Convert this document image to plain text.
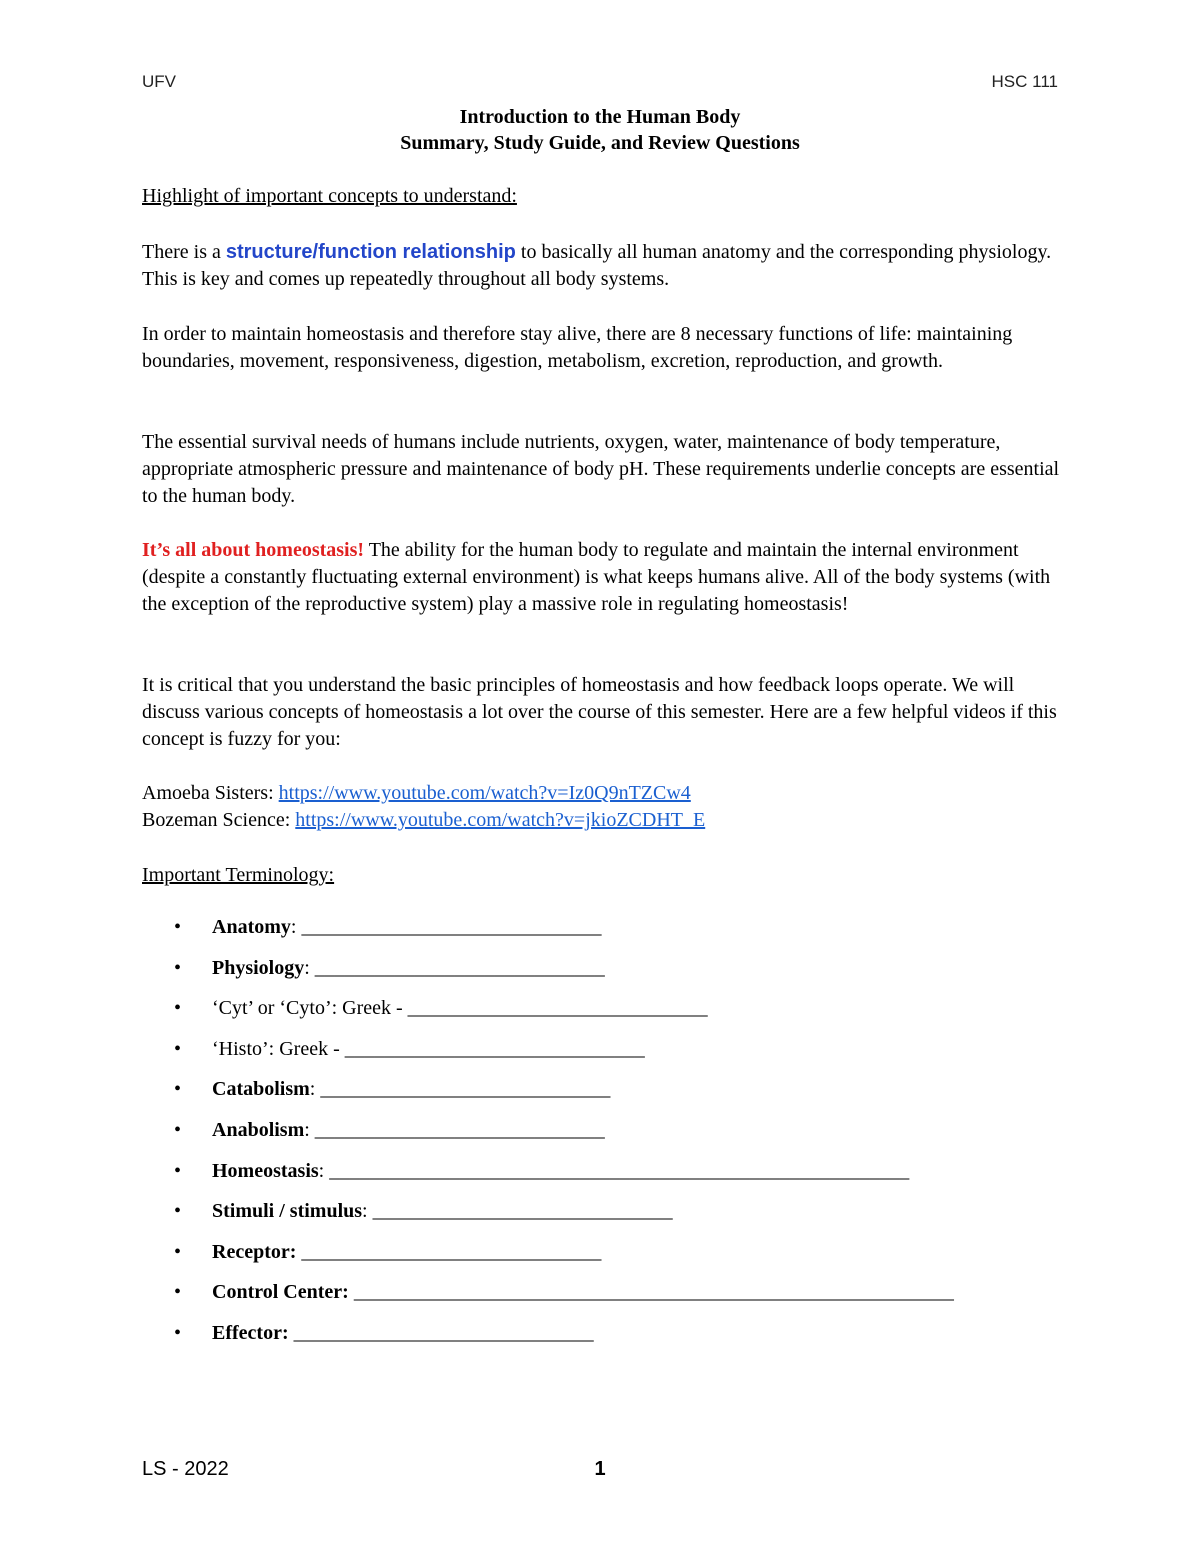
UFV	HSC 111
Introduction to the Human Body
Summary, Study Guide, and Review Questions
Highlight of important concepts to understand:
There is a structure/function relationship to basically all human anatomy and the corresponding physiology. This is key and comes up repeatedly throughout all body systems.
In order to maintain homeostasis and therefore stay alive, there are 8 necessary functions of life: maintaining boundaries, movement, responsiveness, digestion, metabolism, excretion, reproduction, and growth.
The essential survival needs of humans include nutrients, oxygen, water, maintenance of body temperature, appropriate atmospheric pressure and maintenance of body pH. These requirements underlie concepts are essential to the human body.
It’s all about homeostasis! The ability for the human body to regulate and maintain the internal environment (despite a constantly fluctuating external environment) is what keeps humans alive. All of the body systems (with the exception of the reproductive system) play a massive role in regulating homeostasis!
It is critical that you understand the basic principles of homeostasis and how feedback loops operate. We will discuss various concepts of homeostasis a lot over the course of this semester. Here are a few helpful videos if this concept is fuzzy for you:
Amoeba Sisters: https://www.youtube.com/watch?v=Iz0Q9nTZCw4
Bozeman Science: https://www.youtube.com/watch?v=jkioZCDHT_E
Important Terminology:
• Anatomy: ______________________________
• Physiology: _____________________________
• ‘Cyt’ or ‘Cyto’: Greek - ______________________________
• ‘Histo’: Greek - ______________________________
• Catabolism: _____________________________
• Anabolism: _____________________________
• Homeostasis: __________________________________________________________
• Stimuli / stimulus: ______________________________
• Receptor: ______________________________
• Control Center: ____________________________________________________________
• Effector: ______________________________
LS - 2022	1
